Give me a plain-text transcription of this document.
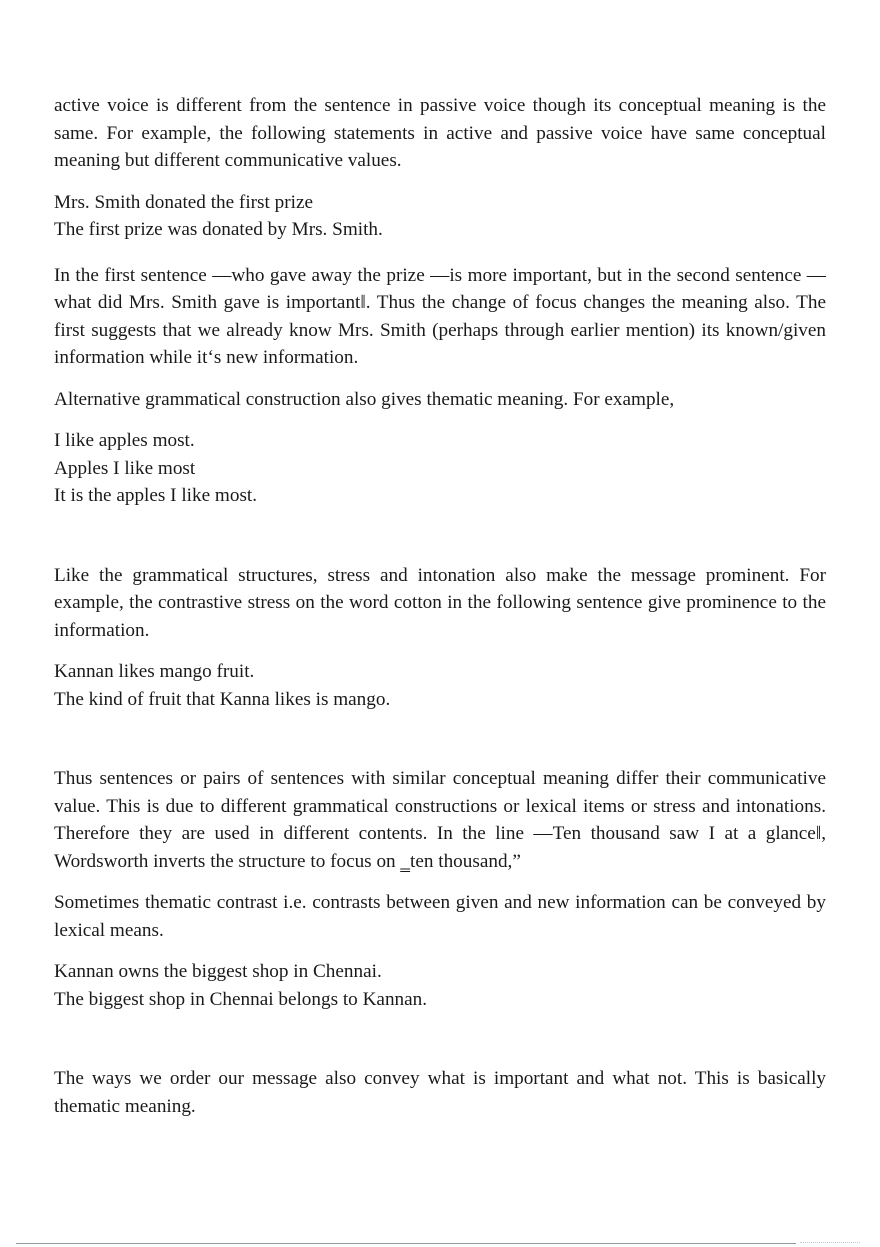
active voice is different from the sentence in passive voice though its conceptual meaning is the same. For example, the following statements in active and passive voice have same conceptual meaning but different communicative values.

Mrs. Smith donated the first prize

The first prize was donated by Mrs. Smith.

In the first sentence —who gave away the prize —is more important, but in the second sentence —what did Mrs. Smith gave is important‖. Thus the change of focus changes the meaning also. The first suggests that we already know Mrs. Smith (perhaps through earlier mention) its known/given information while it‘s new information.

Alternative grammatical construction also gives thematic meaning. For example,

I like apples most.

Apples I like most

It is the apples I like most.

Like the grammatical structures, stress and intonation also make the message prominent. For example, the contrastive stress on the word cotton in the following sentence give prominence to the information.

Kannan likes mango fruit.

The kind of fruit that Kanna likes is mango.

Thus sentences or pairs of sentences with similar conceptual meaning differ their communicative value. This is due to different grammatical constructions or lexical items or stress and intonations. Therefore they are used in different contents. In the line —Ten thousand saw I at a glance‖, Wordsworth inverts the structure to focus on ‗ten thousand,”

Sometimes thematic contrast i.e. contrasts between given and new information can be conveyed by lexical means.

Kannan owns the biggest shop in Chennai.

The biggest shop in Chennai belongs to Kannan.

The ways we order our message also convey what is important and what not. This is basically thematic meaning.
